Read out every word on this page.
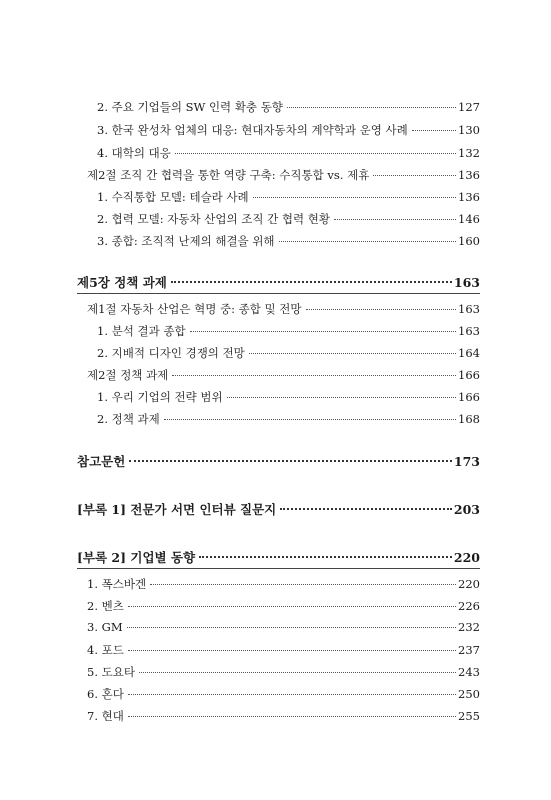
2. 주요 기업들의 SW 인력 확충 동향	127
3. 한국 완성차 업체의 대응: 현대자동차의 계약학과 운영 사례	130
4. 대학의 대응	132
제2절 조직 간 협력을 통한 역량 구축: 수직통합 vs. 제휴	136
1. 수직통합 모델: 테슬라 사례	136
2. 협력 모델: 자동차 산업의 조직 간 협력 현황	146
3. 종합: 조직적 난제의 해결을 위해	160
제5장 정책 과제	163
제1절 자동차 산업은 혁명 중: 종합 및 전망	163
1. 분석 결과 종합	163
2. 지배적 디자인 경쟁의 전망	164
제2절 정책 과제	166
1. 우리 기업의 전략 범위	166
2. 정책 과제	168
참고문헌	173
[부록 1] 전문가 서면 인터뷰 질문지	203
[부록 2] 기업별 동향	220
1. 폭스바겐	220
2. 벤츠	226
3. GM	232
4. 포드	237
5. 도요타	243
6. 혼다	250
7. 현대	255
